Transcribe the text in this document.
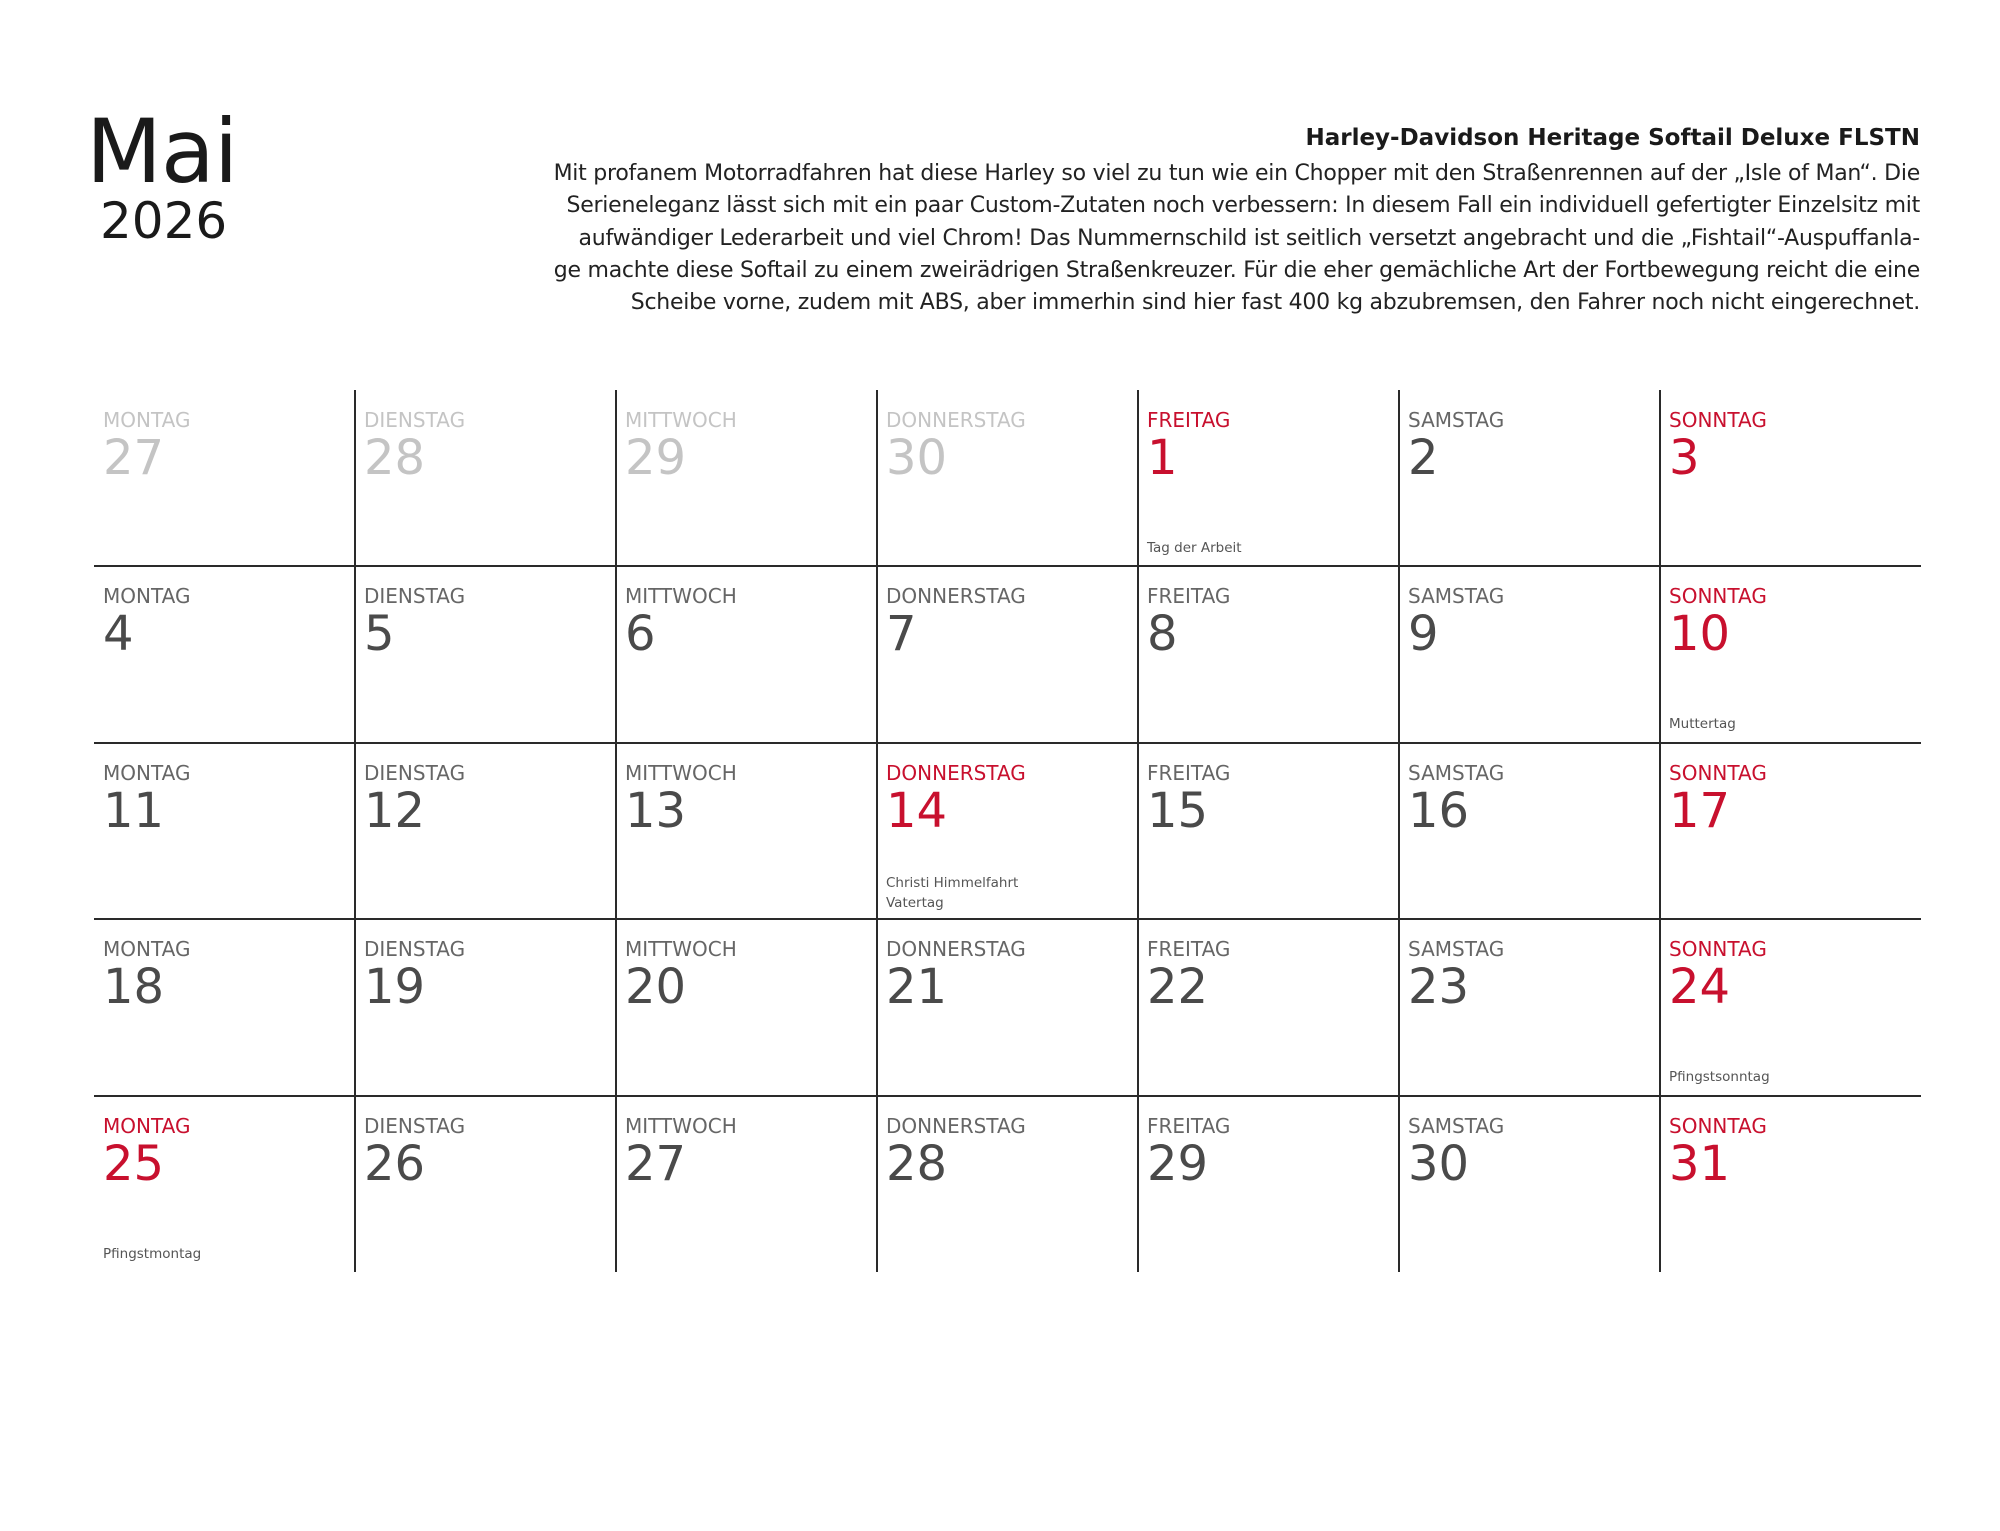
Mai
2026
Harley-Davidson Heritage Softail Deluxe FLSTN
Mit profanem Motorradfahren hat diese Harley so viel zu tun wie ein Chopper mit den Straßenrennen auf der „Isle of Man“. Die
Serieneleganz lässt sich mit ein paar Custom-Zutaten noch verbessern: In diesem Fall ein individuell gefertigter Einzelsitz mit
aufwändiger Lederarbeit und viel Chrom! Das Nummernschild ist seitlich versetzt angebracht und die „Fishtail“-Auspuffanla-
ge machte diese Softail zu einem zweirädrigen Straßenkreuzer. Für die eher gemächliche Art der Fortbewegung reicht die eine
Scheibe vorne, zudem mit ABS, aber immerhin sind hier fast 400 kg abzubremsen, den Fahrer noch nicht eingerechnet.
MONTAG
27
DIENSTAG
28
MITTWOCH
29
DONNERSTAG
30
FREITAG
1
Tag der Arbeit
SAMSTAG
2
SONNTAG
3
MONTAG
4
DIENSTAG
5
MITTWOCH
6
DONNERSTAG
7
FREITAG
8
SAMSTAG
9
SONNTAG
10
Muttertag
MONTAG
11
DIENSTAG
12
MITTWOCH
13
DONNERSTAG
14
Christi Himmelfahrt
Vatertag
FREITAG
15
SAMSTAG
16
SONNTAG
17
MONTAG
18
DIENSTAG
19
MITTWOCH
20
DONNERSTAG
21
FREITAG
22
SAMSTAG
23
SONNTAG
24
Pfingstsonntag
MONTAG
25
Pfingstmontag
DIENSTAG
26
MITTWOCH
27
DONNERSTAG
28
FREITAG
29
SAMSTAG
30
SONNTAG
31
